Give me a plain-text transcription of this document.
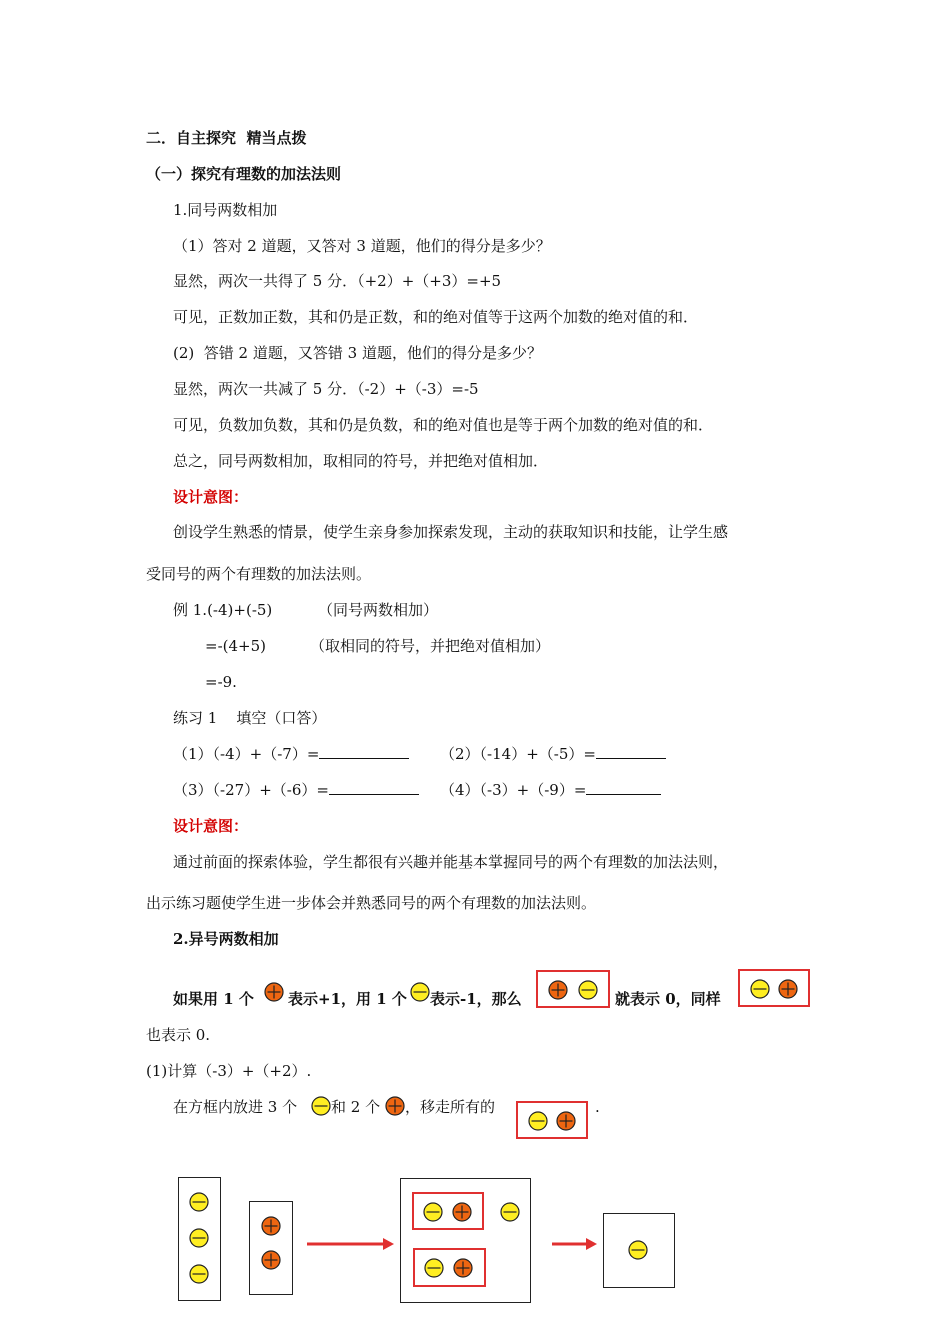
二．自主探究  精当点拨
（一）探究有理数的加法法则
1.同号两数相加
（1）答对 2 道题，又答对 3 道题，他们的得分是多少？
显然，两次一共得了 5 分．（+2）+（+3）=+5
可见，正数加正数，其和仍是正数，和的绝对值等于这两个加数的绝对值的和．
(2)  答错 2 道题，又答错 3 道题，他们的得分是多少？
显然，两次一共减了 5 分．（-2）+（-3）=-5
可见，负数加负数，其和仍是负数，和的绝对值也是等于两个加数的绝对值的和．
总之，同号两数相加，取相同的符号，并把绝对值相加．
设计意图：
创设学生熟悉的情景，使学生亲身参加探索发现，主动的获取知识和技能，让学生感
受同号的两个有理数的加法法则。
例 1.(-4)+(-5)	（同号两数相加）
=-(4+5)	（取相同的符号，并把绝对值相加）
=-9.
练习 1    填空（口答）
（1）（-4）+（-7）=	（2）（-14）+（-5）=
（3）（-27）+（-6）=	（4）（-3）+（-9）=
设计意图：
通过前面的探索体验，学生都很有兴趣并能基本掌握同号的两个有理数的加法法则，
出示练习题使学生进一步体会并熟悉同号的两个有理数的加法法则。
2.异号两数相加
如果用 1 个 表示+1，用 1 个 表示-1，那么	就表示 0，同样
也表示 0.
(1)计算（-3）+（+2）.
在方框内放进 3 个 和 2 个 ，移走所有的	.
